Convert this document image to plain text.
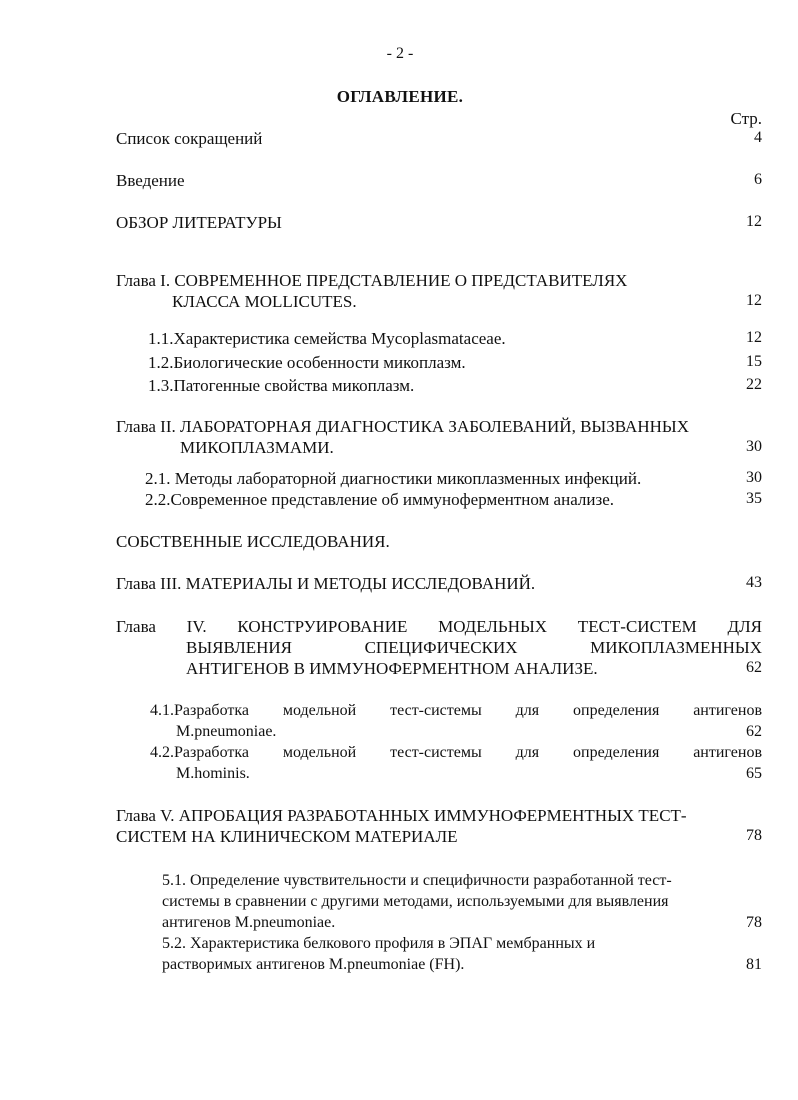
- 2 -
ОГЛАВЛЕНИЕ.
Стр.
Список сокращений	4
Введение	6
ОБЗОР ЛИТЕРАТУРЫ	12
Глава I. СОВРЕМЕННОЕ ПРЕДСТАВЛЕНИЕ О ПРЕДСТАВИТЕЛЯХ
КЛАССА MOLLICUTES.	12
1.1.Характеристика семейства Mycoplasmataceae.	12
1.2.Биологические особенности микоплазм.	15
1.3.Патогенные свойства микоплазм.	22
Глава II. ЛАБОРАТОРНАЯ ДИАГНОСТИКА ЗАБОЛЕВАНИЙ, ВЫЗВАННЫХ
МИКОПЛАЗМАМИ.	30
2.1. Методы лабораторной диагностики микоплазменных инфекций.	30
2.2.Современное представление об иммуноферментном анализе.	35
СОБСТВЕННЫЕ ИССЛЕДОВАНИЯ.
Глава III. МАТЕРИАЛЫ И МЕТОДЫ ИССЛЕДОВАНИЙ.	43
Глава IV. КОНСТРУИРОВАНИЕ МОДЕЛЬНЫХ ТЕСТ-СИСТЕМ ДЛЯ
ВЫЯВЛЕНИЯ СПЕЦИФИЧЕСКИХ МИКОПЛАЗМЕННЫХ
АНТИГЕНОВ В ИММУНОФЕРМЕНТНОМ АНАЛИЗЕ.	62
4.1.Разработка модельной тест-системы для определения антигенов
M.pneumoniae.	62
4.2.Разработка модельной тест-системы для определения антигенов
M.hominis.	65
Глава V. АПРОБАЦИЯ РАЗРАБОТАННЫХ ИММУНОФЕРМЕНТНЫХ ТЕСТ-
СИСТЕМ НА КЛИНИЧЕСКОМ МАТЕРИАЛЕ	78
5.1. Определение чувствительности и специфичности разработанной тест-
системы в сравнении с другими методами, используемыми для выявления
антигенов M.pneumoniae.	78
5.2. Характеристика белкового профиля в ЭПАГ мембранных и
растворимых антигенов M.pneumoniae (FH).	81
